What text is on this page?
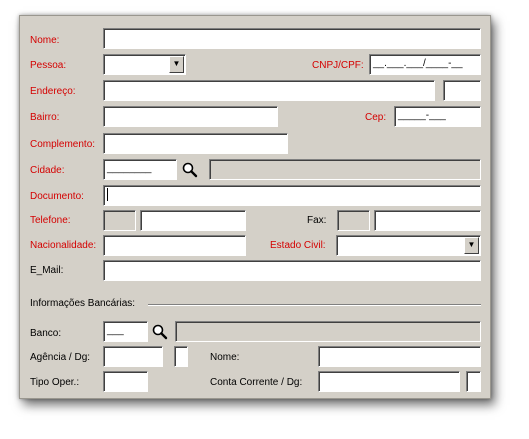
Nome:
Pessoa:	▼	CNPJ/CPF: __.___.___/____-__
Endereço:
Bairro:	Cep:	_____-___
Complemento:
Cidade:	________
Documento:
Telefone:	Fax:
Nacionalidade:	Estado Civil:	▼
E_Mail:
Informações Bancárias:
Banco:	___
Agência / Dg:	Nome:
Tipo Oper.:	Conta Corrente / Dg:
